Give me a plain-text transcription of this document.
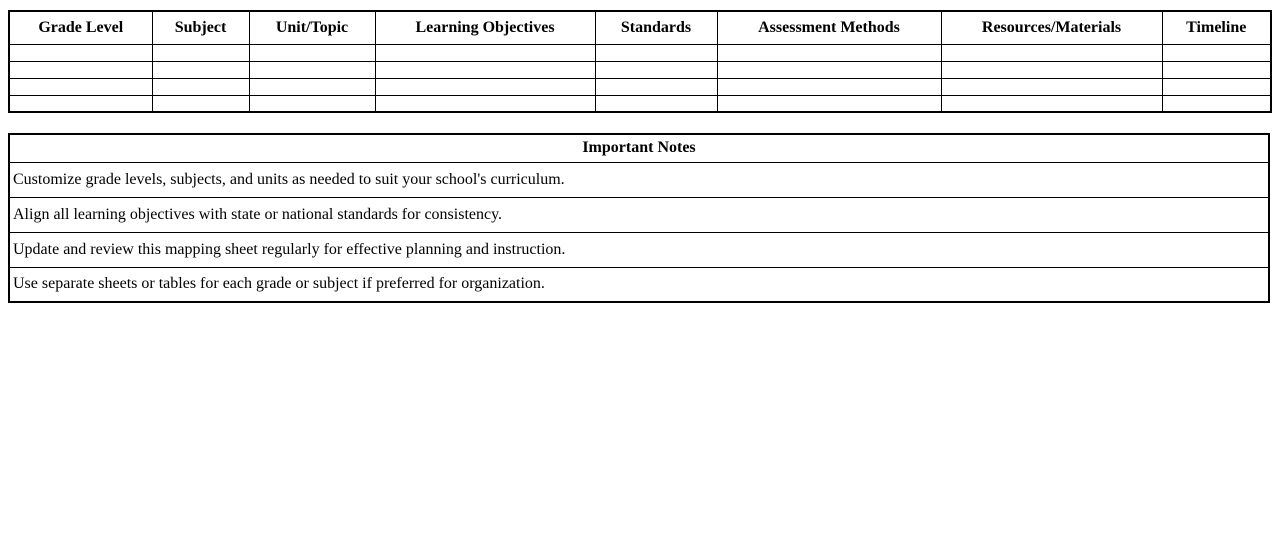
Grade Level	Subject	Unit/Topic	Learning Objectives	Standards	Assessment Methods	Resources/Materials	Timeline

Important Notes
Customize grade levels, subjects, and units as needed to suit your school's curriculum.
Align all learning objectives with state or national standards for consistency.
Update and review this mapping sheet regularly for effective planning and instruction.
Use separate sheets or tables for each grade or subject if preferred for organization.
